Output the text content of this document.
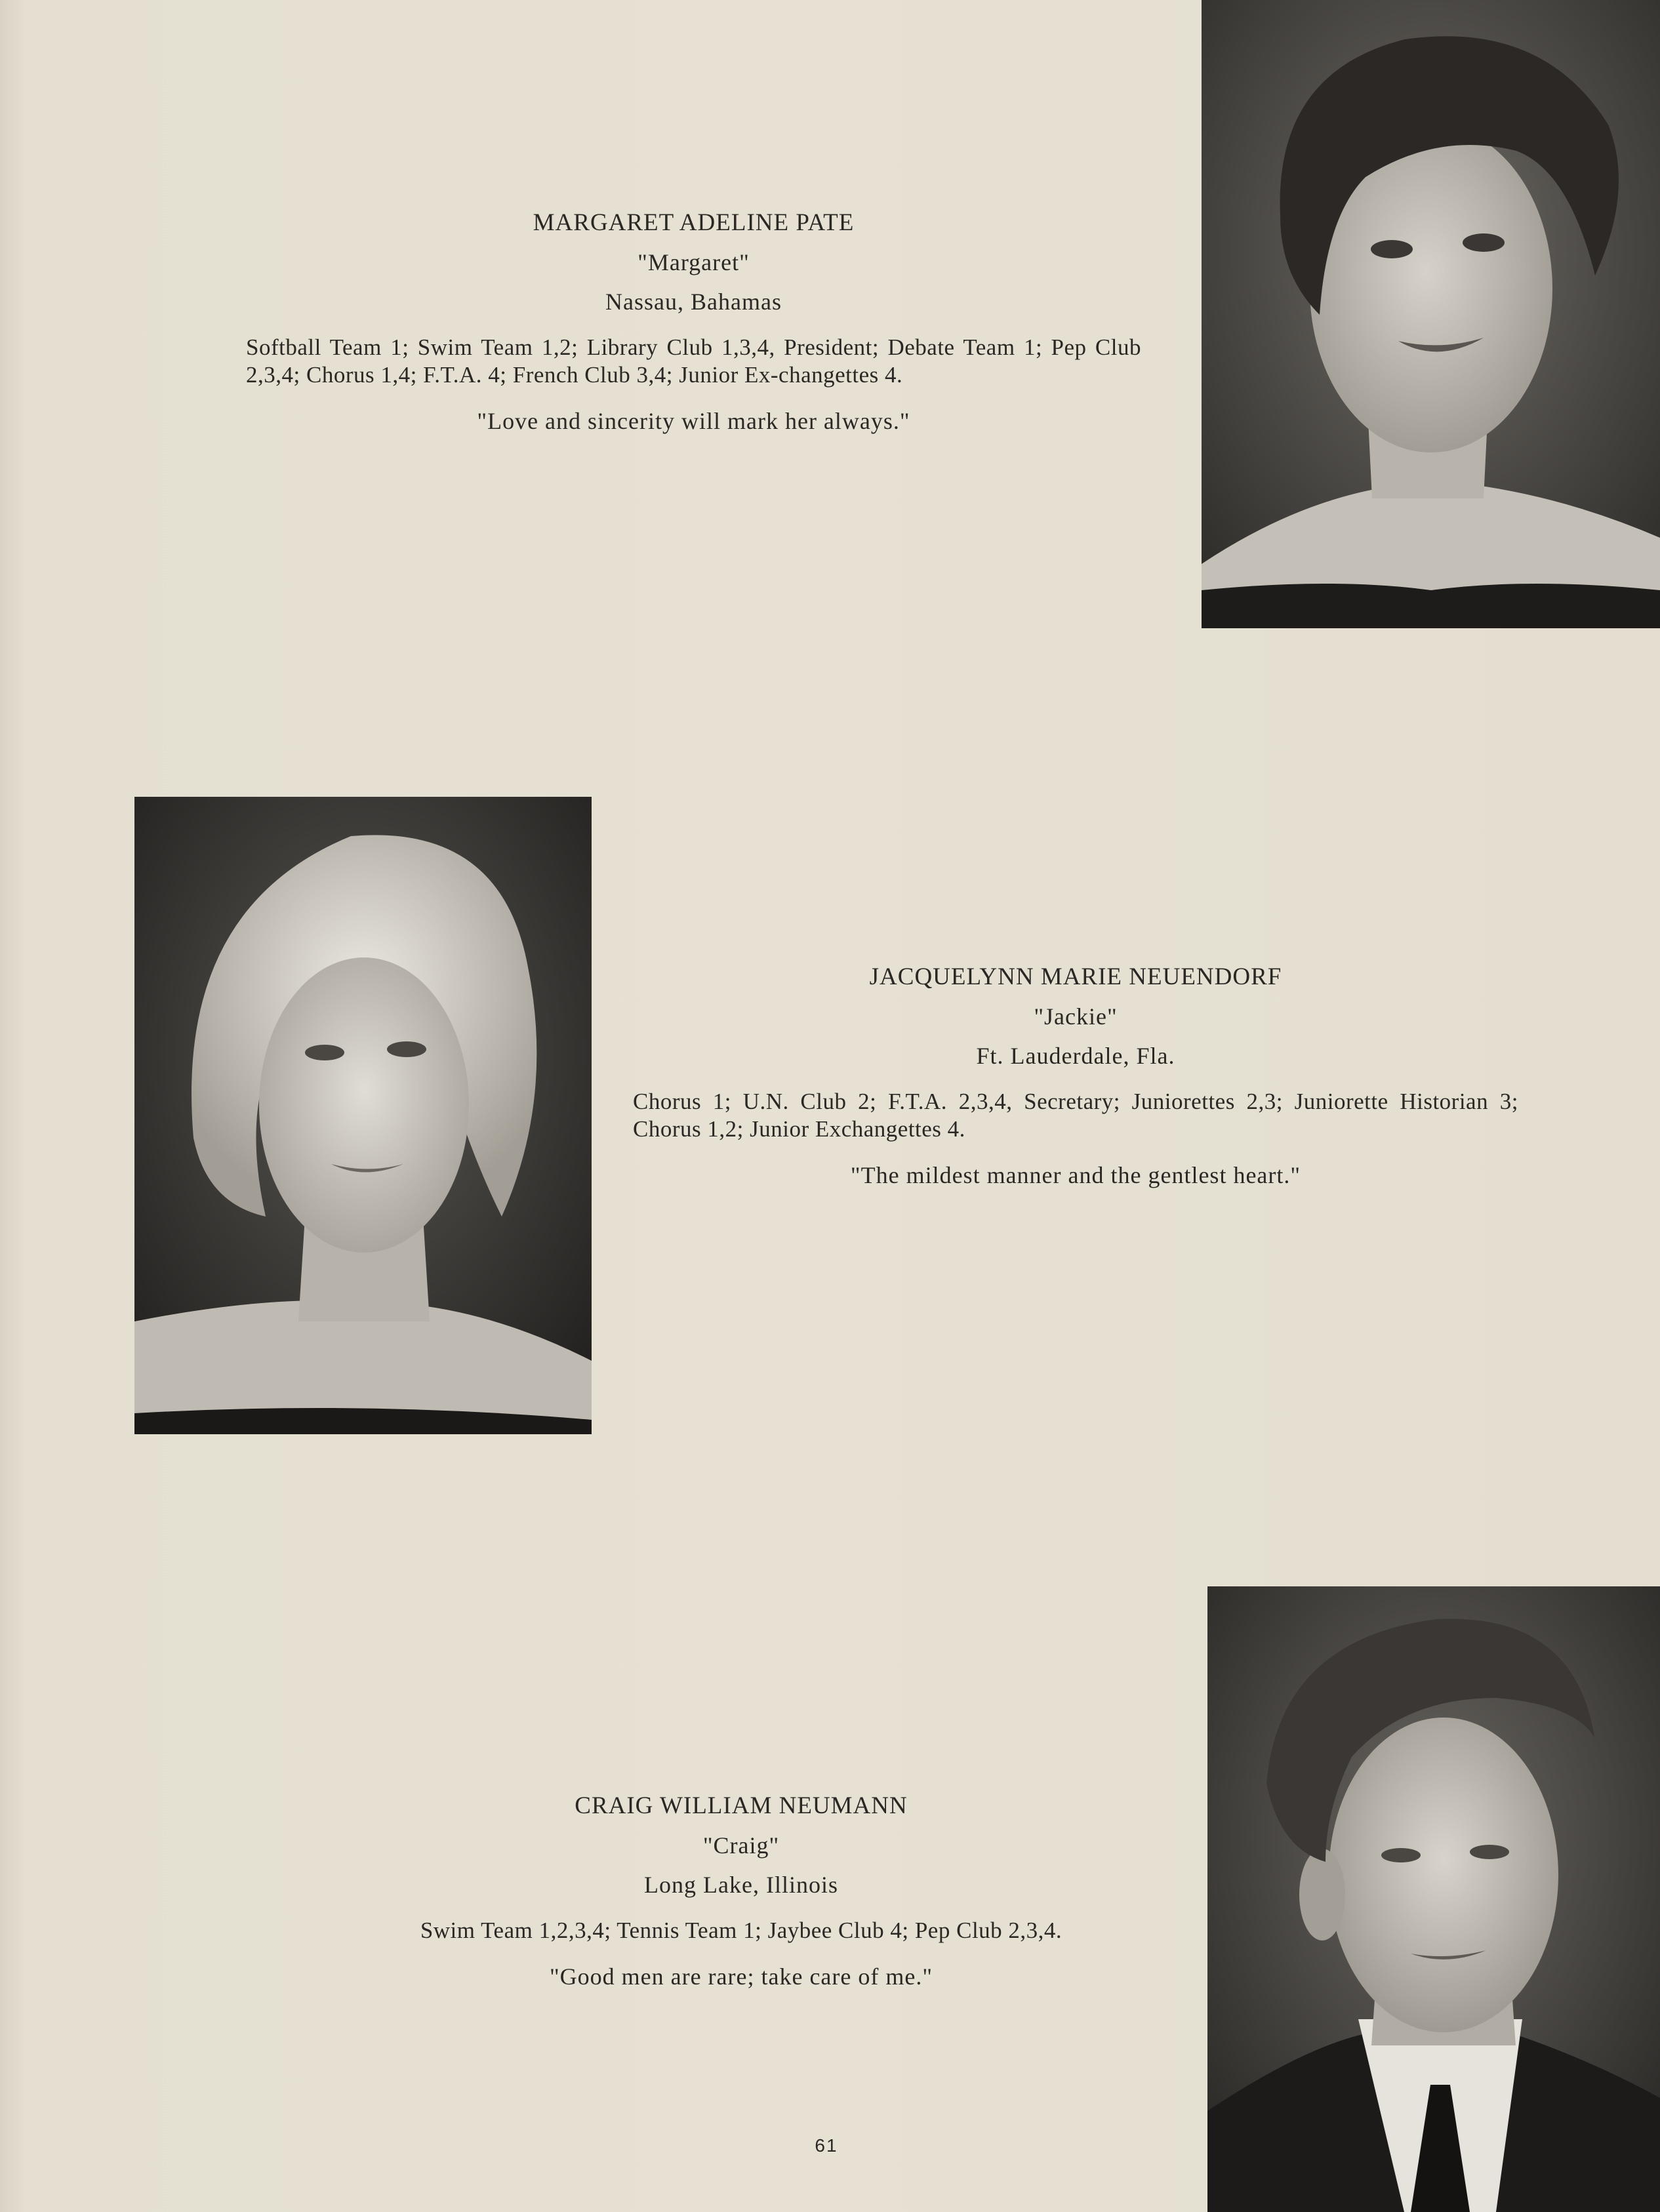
MARGARET ADELINE PATE
"Margaret"
Nassau, Bahamas
Softball Team 1; Swim Team 1,2; Library Club 1,3,4, President; Debate Team 1; Pep Club 2,3,4; Chorus 1,4; F.T.A. 4; French Club 3,4; Junior Ex-changettes 4.
"Love and sincerity will mark her always."
JACQUELYNN MARIE NEUENDORF
"Jackie"
Ft. Lauderdale, Fla.
Chorus 1; U.N. Club 2; F.T.A. 2,3,4, Secretary; Juniorettes 2,3; Juniorette Historian 3; Chorus 1,2; Junior Exchangettes 4.
"The mildest manner and the gentlest heart."
CRAIG WILLIAM NEUMANN
"Craig"
Long Lake, Illinois
Swim Team 1,2,3,4; Tennis Team 1; Jaybee Club 4; Pep Club 2,3,4.
"Good men are rare; take care of me."
61
